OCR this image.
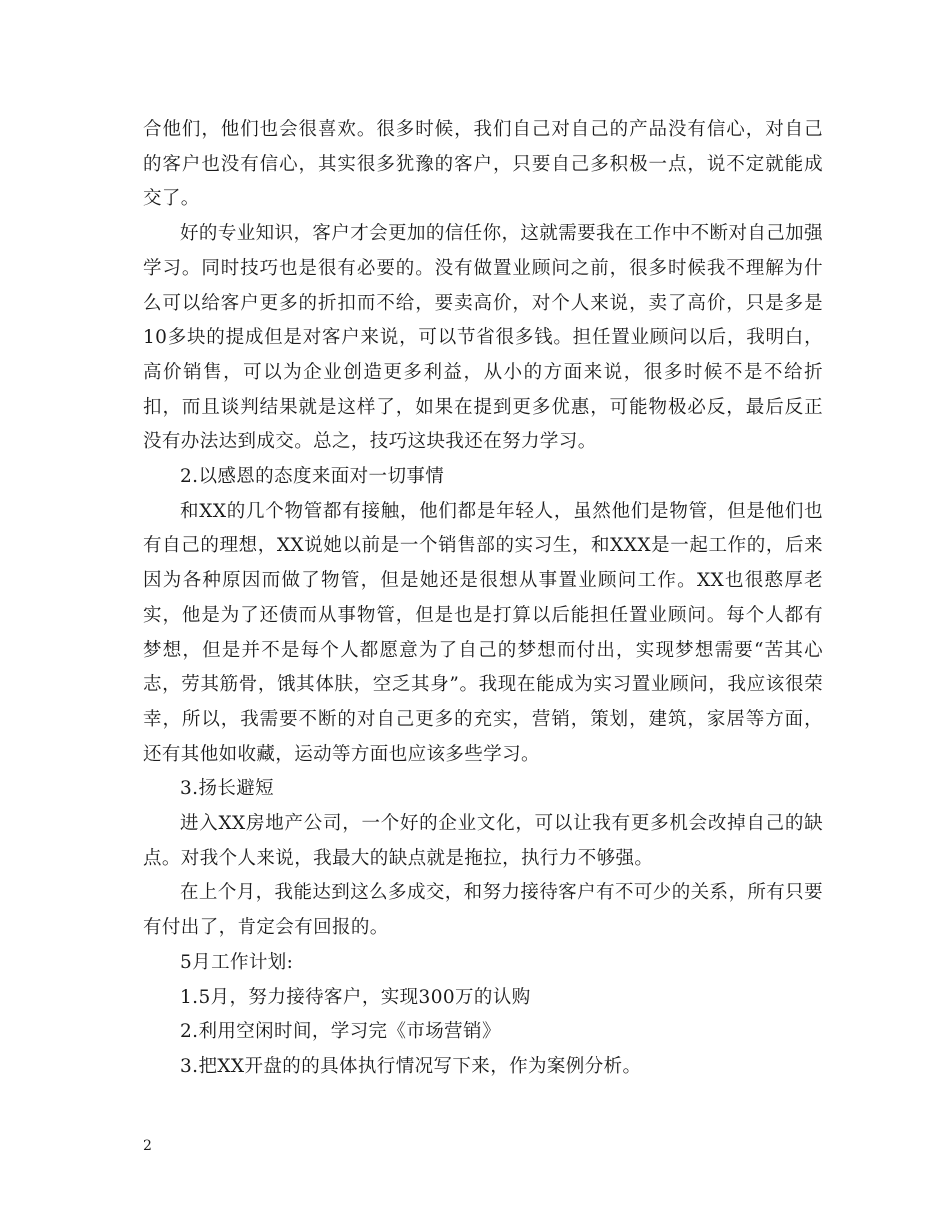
合他们，他们也会很喜欢。很多时候，我们自己对自己的产品没有信心，对自己的客户也没有信心，其实很多犹豫的客户，只要自己多积极一点，说不定就能成交了。

好的专业知识，客户才会更加的信任你，这就需要我在工作中不断对自己加强学习。同时技巧也是很有必要的。没有做置业顾问之前，很多时候我不理解为什么可以给客户更多的折扣而不给，要卖高价，对个人来说，卖了高价，只是多是10多块的提成但是对客户来说，可以节省很多钱。担任置业顾问以后，我明白，高价销售，可以为企业创造更多利益，从小的方面来说，很多时候不是不给折扣，而且谈判结果就是这样了，如果在提到更多优惠，可能物极必反，最后反正没有办法达到成交。总之，技巧这块我还在努力学习。

2.以感恩的态度来面对一切事情

和XX的几个物管都有接触，他们都是年轻人，虽然他们是物管，但是他们也有自己的理想，XX说她以前是一个销售部的实习生，和XXX是一起工作的，后来因为各种原因而做了物管，但是她还是很想从事置业顾问工作。XX也很憨厚老实，他是为了还债而从事物管，但是也是打算以后能担任置业顾问。每个人都有梦想，但是并不是每个人都愿意为了自己的梦想而付出，实现梦想需要“苦其心志，劳其筋骨，饿其体肤，空乏其身”。我现在能成为实习置业顾问，我应该很荣幸，所以，我需要不断的对自己更多的充实，营销，策划，建筑，家居等方面，还有其他如收藏，运动等方面也应该多些学习。

3.扬长避短

进入XX房地产公司，一个好的企业文化，可以让我有更多机会改掉自己的缺点。对我个人来说，我最大的缺点就是拖拉，执行力不够强。

在上个月，我能达到这么多成交，和努力接待客户有不可少的关系，所有只要有付出了，肯定会有回报的。

5月工作计划:

1.5月，努力接待客户，实现300万的认购

2.利用空闲时间，学习完《市场营销》

3.把XX开盘的的具体执行情况写下来，作为案例分析。

2
